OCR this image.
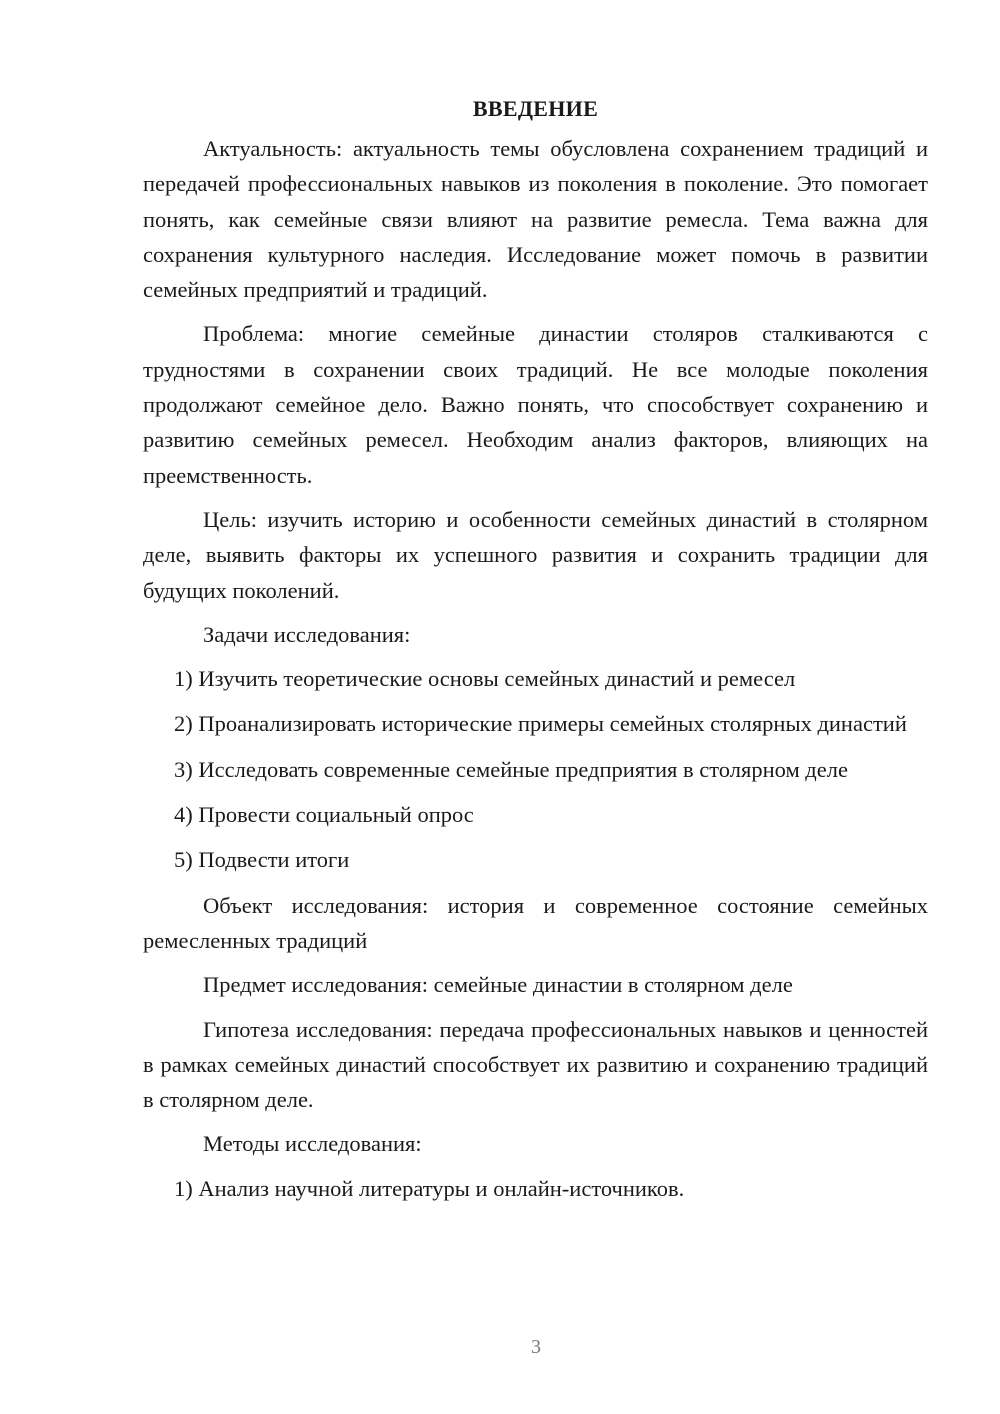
ВВЕДЕНИЕ

Актуальность: актуальность темы обусловлена сохранением традиций и передачей профессиональных навыков из поколения в поколение. Это помогает понять, как семейные связи влияют на развитие ремесла. Тема важна для сохранения культурного наследия. Исследование может помочь в развитии семейных предприятий и традиций.

Проблема: многие семейные династии столяров сталкиваются с трудностями в сохранении своих традиций. Не все молодые поколения продолжают семейное дело. Важно понять, что способствует сохранению и развитию семейных ремесел. Необходим анализ факторов, влияющих на преемственность.

Цель: изучить историю и особенности семейных династий в столярном деле, выявить факторы их успешного развития и сохранить традиции для будущих поколений.

Задачи исследования:

1) Изучить теоретические основы семейных династий и ремесел

2) Проанализировать исторические примеры семейных столярных династий

3) Исследовать современные семейные предприятия в столярном деле

4) Провести социальный опрос

5) Подвести итоги

Объект исследования: история и современное состояние семейных ремесленных традиций

Предмет исследования: семейные династии в столярном деле

Гипотеза исследования: передача профессиональных навыков и ценностей в рамках семейных династий способствует их развитию и сохранению традиций в столярном деле.

Методы исследования:

1) Анализ научной литературы и онлайн-источников.

3
